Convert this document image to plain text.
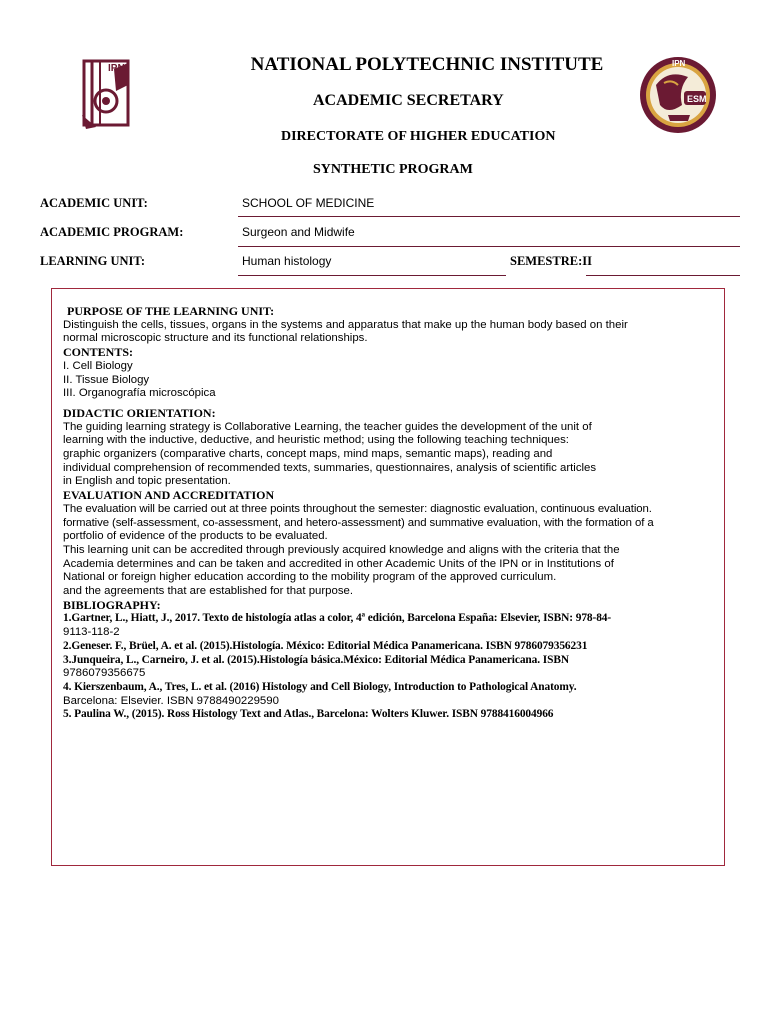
IPN
ESM
IPN
NATIONAL POLYTECHNIC INSTITUTE
ACADEMIC SECRETARY
DIRECTORATE OF HIGHER EDUCATION
SYNTHETIC PROGRAM
ACADEMIC UNIT:	SCHOOL OF MEDICINE
ACADEMIC PROGRAM:	Surgeon and Midwife
LEARNING UNIT:	Human histology	SEMESTRE:II
PURPOSE OF THE LEARNING UNIT:
Distinguish the cells, tissues, organs in the systems and apparatus that make up the human body based on their
normal microscopic structure and its functional relationships.
CONTENTS:
I. Cell Biology
II. Tissue Biology
III. Organografía microscópica
DIDACTIC ORIENTATION:
The guiding learning strategy is Collaborative Learning, the teacher guides the development of the unit of
learning with the inductive, deductive, and heuristic method; using the following teaching techniques:
graphic organizers (comparative charts, concept maps, mind maps, semantic maps), reading and
individual comprehension of recommended texts, summaries, questionnaires, analysis of scientific articles
in English and topic presentation.
EVALUATION AND ACCREDITATION
The evaluation will be carried out at three points throughout the semester: diagnostic evaluation, continuous evaluation.
formative (self-assessment, co-assessment, and hetero-assessment) and summative evaluation, with the formation of a
portfolio of evidence of the products to be evaluated.
This learning unit can be accredited through previously acquired knowledge and aligns with the criteria that the
Academia determines and can be taken and accredited in other Academic Units of the IPN or in Institutions of
National or foreign higher education according to the mobility program of the approved curriculum.
and the agreements that are established for that purpose.
BIBLIOGRAPHY:
1.Gartner, L., Hiatt, J., 2017. Texto de histología atlas a color, 4ª edición, Barcelona España: Elsevier, ISBN: 978-84-
9113-118-2
2.Geneser. F., Brüel, A. et al. (2015).Histología. México: Editorial Médica Panamericana. ISBN 9786079356231
3.Junqueira, L., Carneiro, J. et al. (2015).Histología básica.México: Editorial Médica Panamericana. ISBN
9786079356675
4. Kierszenbaum, A., Tres, L. et al. (2016) Histology and Cell Biology, Introduction to Pathological Anatomy.
Barcelona: Elsevier. ISBN 9788490229590
5. Paulina W., (2015). Ross Histology Text and Atlas., Barcelona: Wolters Kluwer. ISBN 9788416004966
